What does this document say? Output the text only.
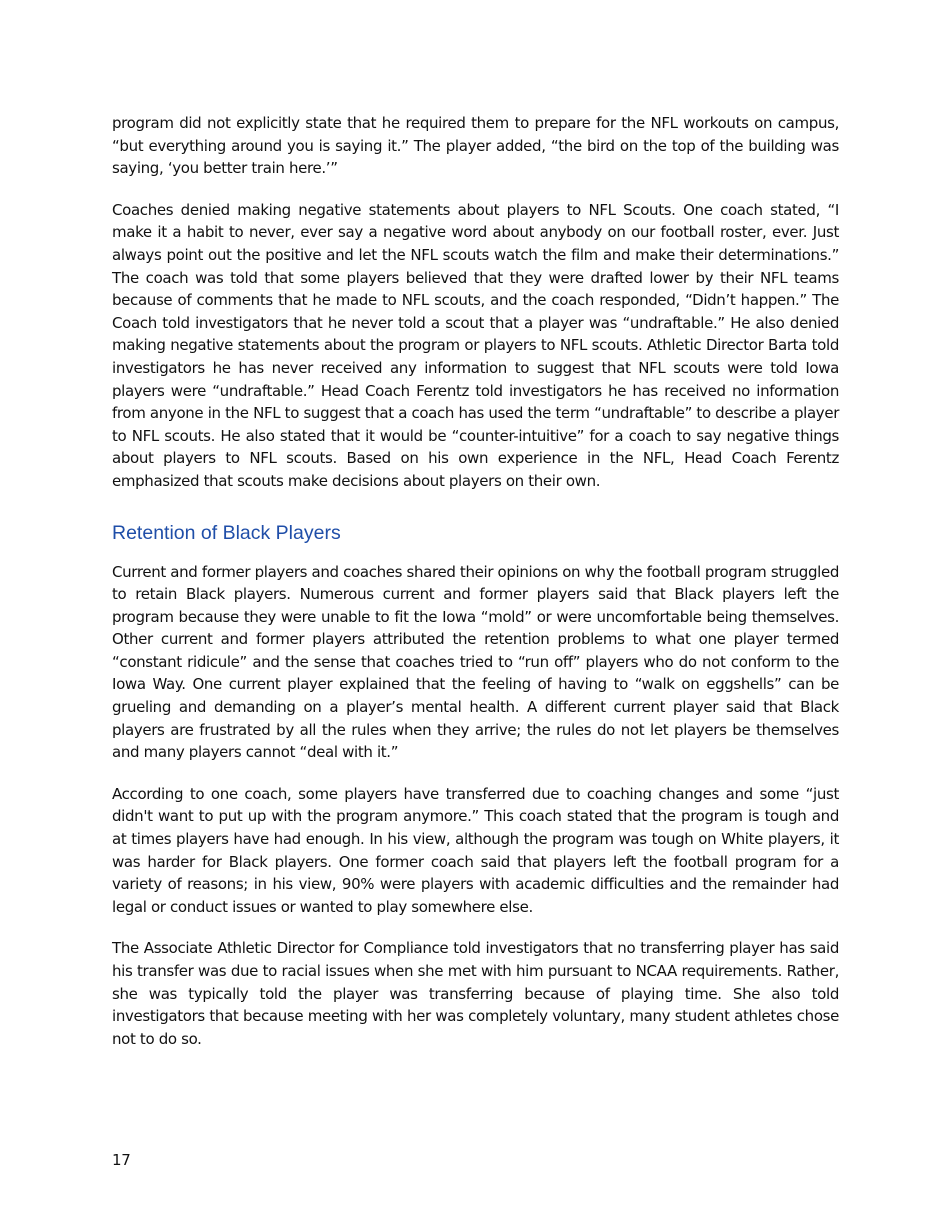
program did not explicitly state that he required them to prepare for the NFL workouts on campus, “but everything around you is saying it.” The player added, “the bird on the top of the building was saying, ‘you better train here.’”

Coaches denied making negative statements about players to NFL Scouts. One coach stated, “I make it a habit to never, ever say a negative word about anybody on our football roster, ever. Just always point out the positive and let the NFL scouts watch the film and make their determinations.” The coach was told that some players believed that they were drafted lower by their NFL teams because of comments that he made to NFL scouts, and the coach responded, “Didn’t happen.” The Coach told investigators that he never told a scout that a player was “undraftable.” He also denied making negative statements about the program or players to NFL scouts. Athletic Director Barta told investigators he has never received any information to suggest that NFL scouts were told Iowa players were “undraftable.” Head Coach Ferentz told investigators he has received no information from anyone in the NFL to suggest that a coach has used the term “undraftable” to describe a player to NFL scouts. He also stated that it would be “counter-intuitive” for a coach to say negative things about players to NFL scouts. Based on his own experience in the NFL, Head Coach Ferentz emphasized that scouts make decisions about players on their own.

Retention of Black Players

Current and former players and coaches shared their opinions on why the football program struggled to retain Black players. Numerous current and former players said that Black players left the program because they were unable to fit the Iowa “mold” or were uncomfortable being themselves. Other current and former players attributed the retention problems to what one player termed “constant ridicule” and the sense that coaches tried to “run off” players who do not conform to the Iowa Way. One current player explained that the feeling of having to “walk on eggshells” can be grueling and demanding on a player’s mental health. A different current player said that Black players are frustrated by all the rules when they arrive; the rules do not let players be themselves and many players cannot “deal with it.”

According to one coach, some players have transferred due to coaching changes and some “just didn't want to put up with the program anymore.” This coach stated that the program is tough and at times players have had enough. In his view, although the program was tough on White players, it was harder for Black players. One former coach said that players left the football program for a variety of reasons; in his view, 90% were players with academic difficulties and the remainder had legal or conduct issues or wanted to play somewhere else.

The Associate Athletic Director for Compliance told investigators that no transferring player has said his transfer was due to racial issues when she met with him pursuant to NCAA requirements. Rather, she was typically told the player was transferring because of playing time. She also told investigators that because meeting with her was completely voluntary, many student athletes chose not to do so.

17
